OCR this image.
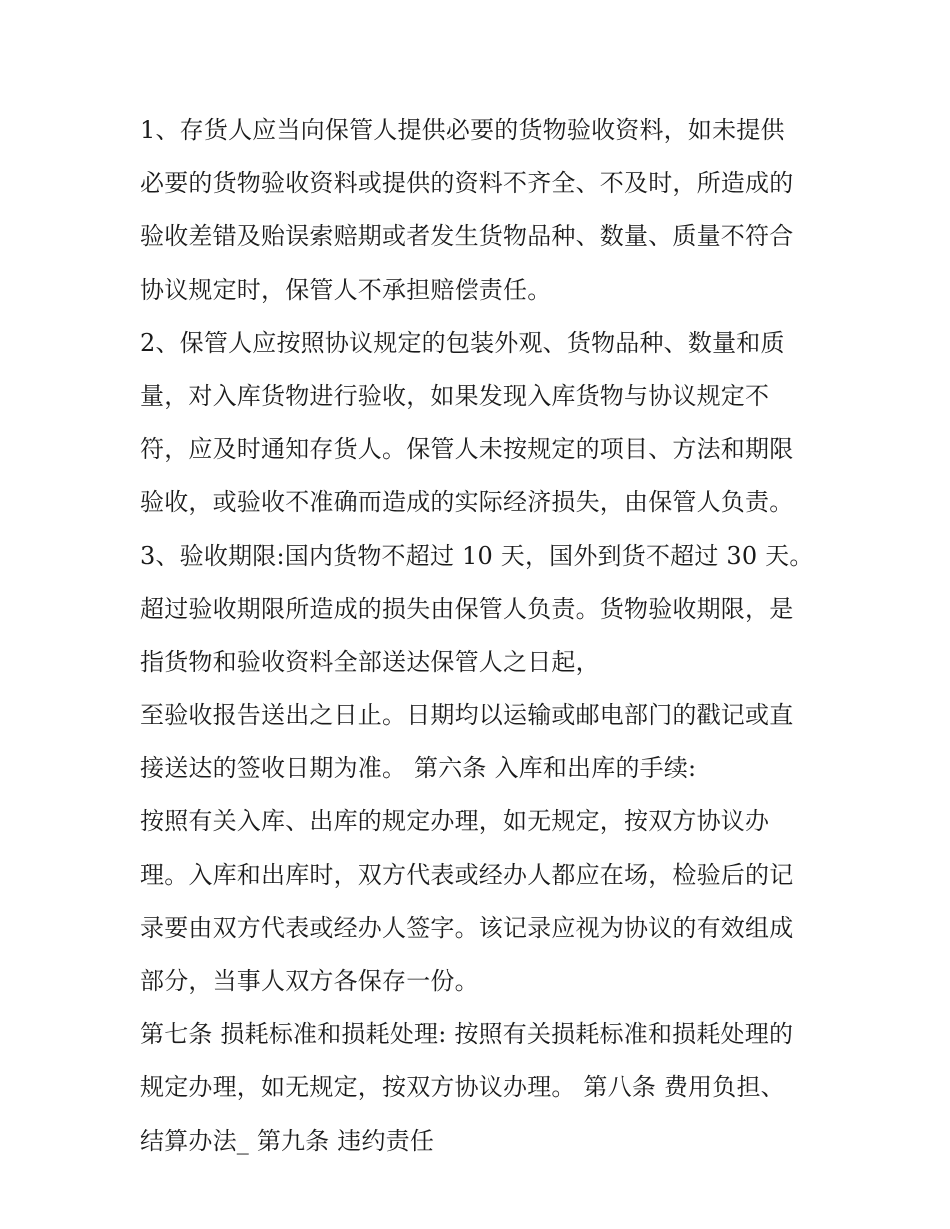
1、存货人应当向保管人提供必要的货物验收资料，如未提供
必要的货物验收资料或提供的资料不齐全、不及时，所造成的
验收差错及贻误索赔期或者发生货物品种、数量、质量不符合
协议规定时，保管人不承担赔偿责任。
2、保管人应按照协议规定的包装外观、货物品种、数量和质
量，对入库货物进行验收，如果发现入库货物与协议规定不
符，应及时通知存货人。保管人未按规定的项目、方法和期限
验收，或验收不准确而造成的实际经济损失，由保管人负责。
3、验收期限:国内货物不超过 10 天，国外到货不超过 30 天。
超过验收期限所造成的损失由保管人负责。货物验收期限，是
指货物和验收资料全部送达保管人之日起，
至验收报告送出之日止。日期均以运输或邮电部门的戳记或直
接送达的签收日期为准。 第六条 入库和出库的手续:
按照有关入库、出库的规定办理，如无规定，按双方协议办
理。入库和出库时，双方代表或经办人都应在场，检验后的记
录要由双方代表或经办人签字。该记录应视为协议的有效组成
部分，当事人双方各保存一份。
第七条 损耗标准和损耗处理: 按照有关损耗标准和损耗处理的
规定办理，如无规定，按双方协议办理。 第八条 费用负担、
结算办法_ 第九条 违约责任
